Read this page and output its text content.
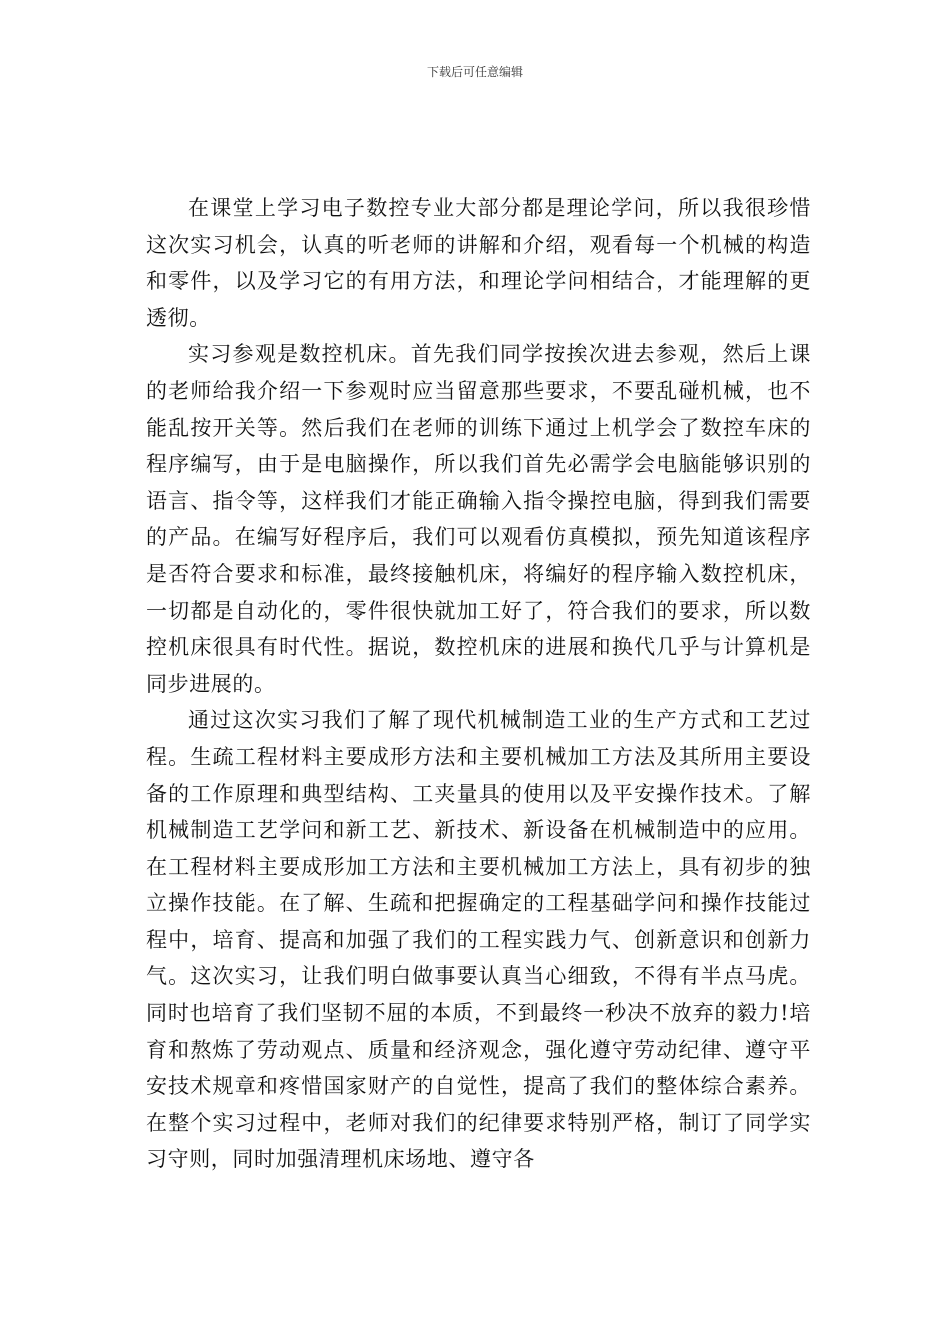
下载后可任意编辑

在课堂上学习电子数控专业大部分都是理论学问，所以我很珍惜这次实习机会，认真的听老师的讲解和介绍，观看每一个机械的构造和零件，以及学习它的有用方法，和理论学问相结合，才能理解的更透彻。

实习参观是数控机床。首先我们同学按挨次进去参观，然后上课的老师给我介绍一下参观时应当留意那些要求，不要乱碰机械，也不能乱按开关等。然后我们在老师的训练下通过上机学会了数控车床的程序编写，由于是电脑操作，所以我们首先必需学会电脑能够识别的语言、指令等，这样我们才能正确输入指令操控电脑，得到我们需要的产品。在编写好程序后，我们可以观看仿真模拟，预先知道该程序是否符合要求和标准，最终接触机床，将编好的程序输入数控机床，一切都是自动化的，零件很快就加工好了，符合我们的要求，所以数控机床很具有时代性。据说，数控机床的进展和换代几乎与计算机是同步进展的。

通过这次实习我们了解了现代机械制造工业的生产方式和工艺过程。生疏工程材料主要成形方法和主要机械加工方法及其所用主要设备的工作原理和典型结构、工夹量具的使用以及平安操作技术。了解机械制造工艺学问和新工艺、新技术、新设备在机械制造中的应用。在工程材料主要成形加工方法和主要机械加工方法上，具有初步的独立操作技能。在了解、生疏和把握确定的工程基础学问和操作技能过程中，培育、提高和加强了我们的工程实践力气、创新意识和创新力气。这次实习，让我们明白做事要认真当心细致，不得有半点马虎。同时也培育了我们坚韧不屈的本质，不到最终一秒决不放弃的毅力!培育和熬炼了劳动观点、质量和经济观念，强化遵守劳动纪律、遵守平安技术规章和疼惜国家财产的自觉性，提高了我们的整体综合素养。在整个实习过程中，老师对我们的纪律要求特别严格，制订了同学实习守则，同时加强清理机床场地、遵守各
